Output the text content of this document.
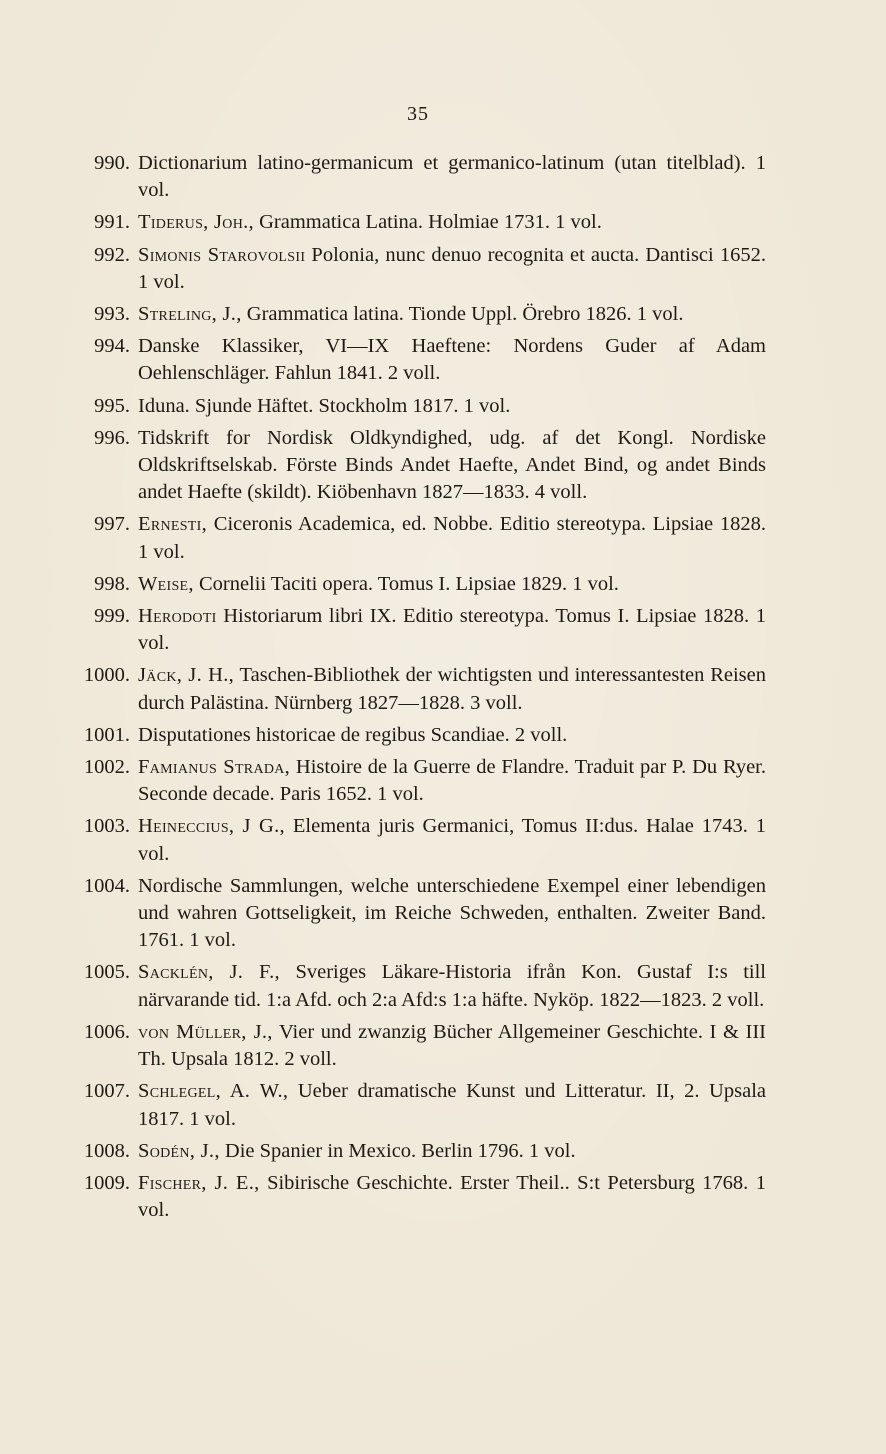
35
990. Dictionarium latino-germanicum et germanico-latinum (utan titelblad). 1 vol.
991. Tiderus, Joh., Grammatica Latina. Holmiae 1731. 1 vol.
992. Simonis Starovolsii Polonia, nunc denuo recognita et aucta. Dantisci 1652. 1 vol.
993. Streling, J., Grammatica latina. Tionde Uppl. Örebro 1826. 1 vol.
994. Danske Klassiker, VI—IX Haeftene: Nordens Guder af Adam Oehlenschläger. Fahlun 1841. 2 voll.
995. Iduna. Sjunde Häftet. Stockholm 1817. 1 vol.
996. Tidskrift for Nordisk Oldkyndighed, udg. af det Kongl. Nordiske Oldskriftselskab. Förste Binds Andet Haefte, Andet Bind, og andet Binds andet Haefte (skildt). Kiöbenhavn 1827—1833. 4 voll.
997. Ernesti, Ciceronis Academica, ed. Nobbe. Editio stereotypa. Lipsiae 1828. 1 vol.
998. Weise, Cornelii Taciti opera. Tomus I. Lipsiae 1829. 1 vol.
999. Herodoti Historiarum libri IX. Editio stereotypa. Tomus I. Lipsiae 1828. 1 vol.
1000. Jäck, J. H., Taschen-Bibliothek der wichtigsten und interessantesten Reisen durch Palästina. Nürnberg 1827—1828. 3 voll.
1001. Disputationes historicae de regibus Scandiae. 2 voll.
1002. Famianus Strada, Histoire de la Guerre de Flandre. Traduit par P. Du Ryer. Seconde decade. Paris 1652. 1 vol.
1003. Heineccius, J G., Elementa juris Germanici, Tomus II:dus. Halae 1743. 1 vol.
1004. Nordische Sammlungen, welche unterschiedene Exempel einer lebendigen und wahren Gottseligkeit, im Reiche Schweden, enthalten. Zweiter Band. 1761. 1 vol.
1005. Sacklén, J. F., Sveriges Läkare-Historia ifrån Kon. Gustaf I:s till närvarande tid. 1:a Afd. och 2:a Afd:s 1:a häfte. Nyköp. 1822—1823. 2 voll.
1006. von Müller, J., Vier und zwanzig Bücher Allgemeiner Geschichte. I & III Th. Upsala 1812. 2 voll.
1007. Schlegel, A. W., Ueber dramatische Kunst und Litteratur. II, 2. Upsala 1817. 1 vol.
1008. Sodén, J., Die Spanier in Mexico. Berlin 1796. 1 vol.
1009. Fischer, J. E., Sibirische Geschichte. Erster Theil.. S:t Petersburg 1768. 1 vol.
